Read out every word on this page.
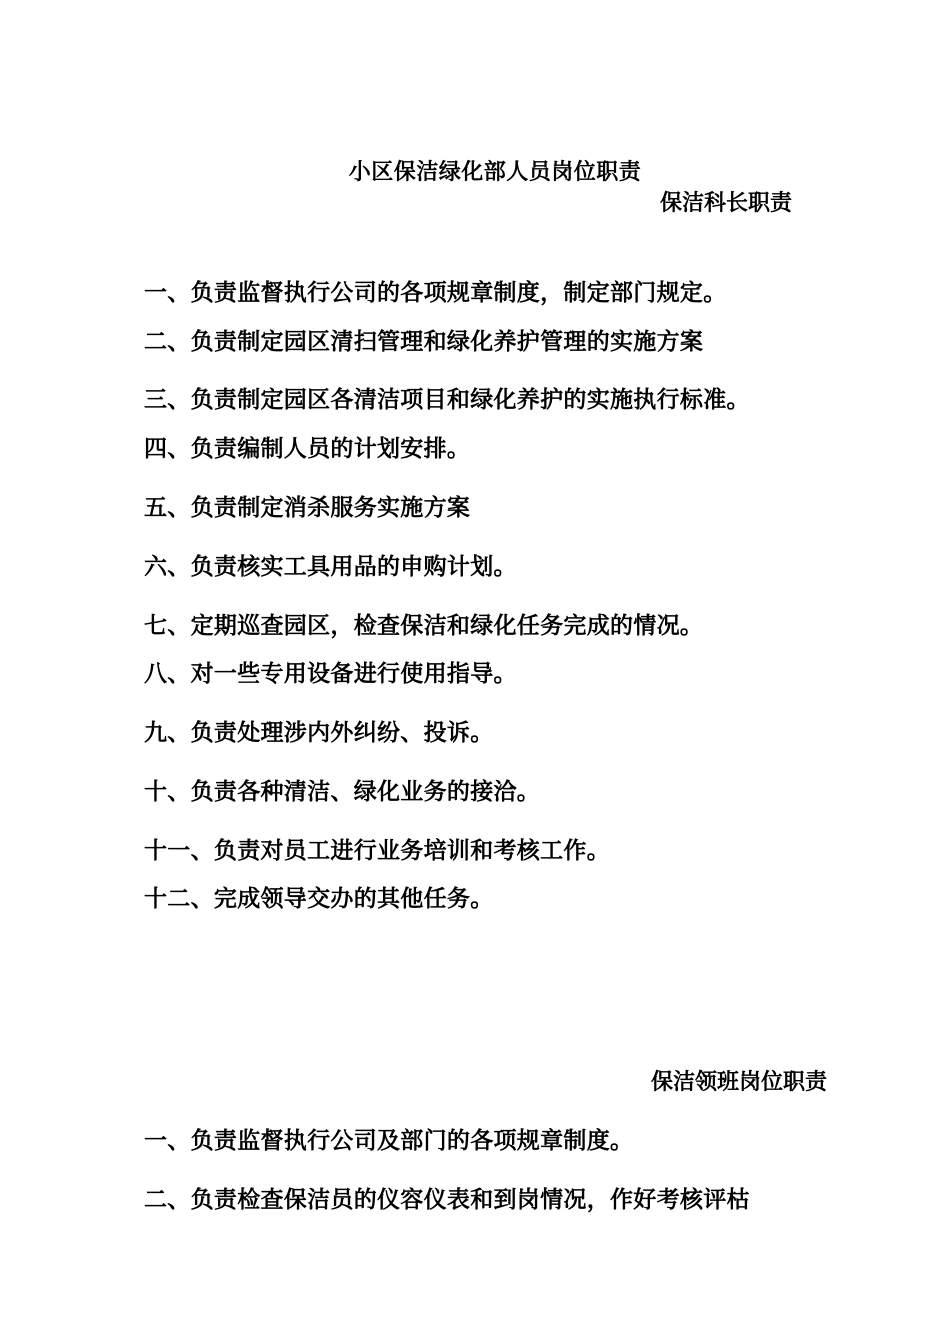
小区保洁绿化部人员岗位职责
保洁科长职责
一、负责监督执行公司的各项规章制度，制定部门规定。
二、负责制定园区清扫管理和绿化养护管理的实施方案
三、负责制定园区各清洁项目和绿化养护的实施执行标准。
四、负责编制人员的计划安排。
五、负责制定消杀服务实施方案
六、负责核实工具用品的申购计划。
七、定期巡查园区，检查保洁和绿化任务完成的情况。
八、对一些专用设备进行使用指导。
九、负责处理涉内外纠纷、投诉。
十、负责各种清洁、绿化业务的接洽。
十一、负责对员工进行业务培训和考核工作。
十二、完成领导交办的其他任务。
保洁领班岗位职责
一、负责监督执行公司及部门的各项规章制度。
二、负责检查保洁员的仪容仪表和到岗情况，作好考核评枯
